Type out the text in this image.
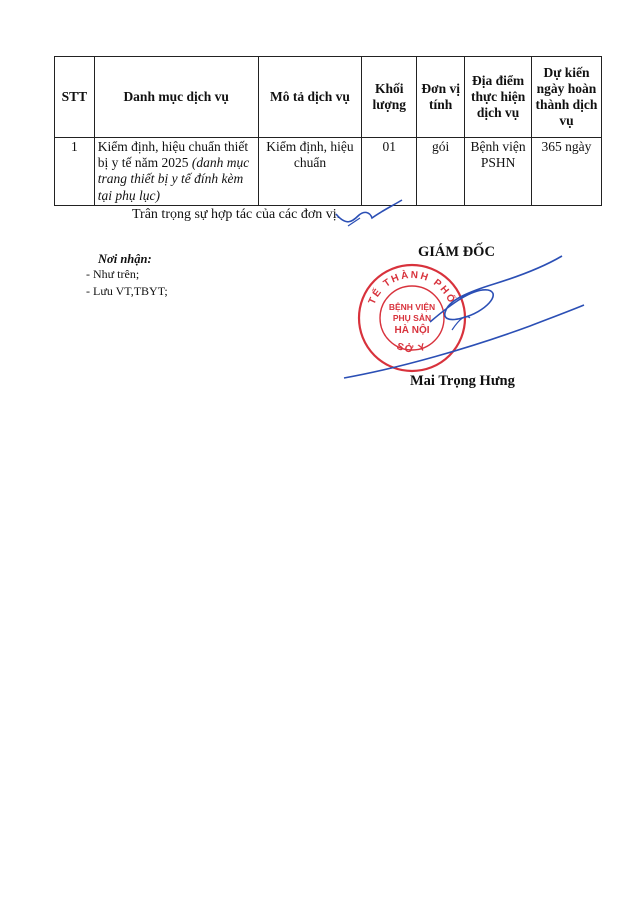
STT	Danh mục dịch vụ	Mô tả dịch vụ	Khối lượng	Đơn vị tính	Địa điểm thực hiện dịch vụ	Dự kiến ngày hoàn thành dịch vụ
1	Kiểm định, hiệu chuẩn thiết bị y tế năm 2025 (danh mục trang thiết bị y tế đính kèm tại phụ lục)	Kiểm định, hiệu chuẩn	01	gói	Bệnh viện PSHN	365 ngày
Trân trọng sự hợp tác của các đơn vị.
Nơi nhận:
- Như trên;
- Lưu VT,TBYT;
GIÁM ĐỐC
TẾ THÀNH PHỐ
SỞ Y
BỆNH VIỆN
PHỤ SẢN
HÀ NỘI
Mai Trọng Hưng
